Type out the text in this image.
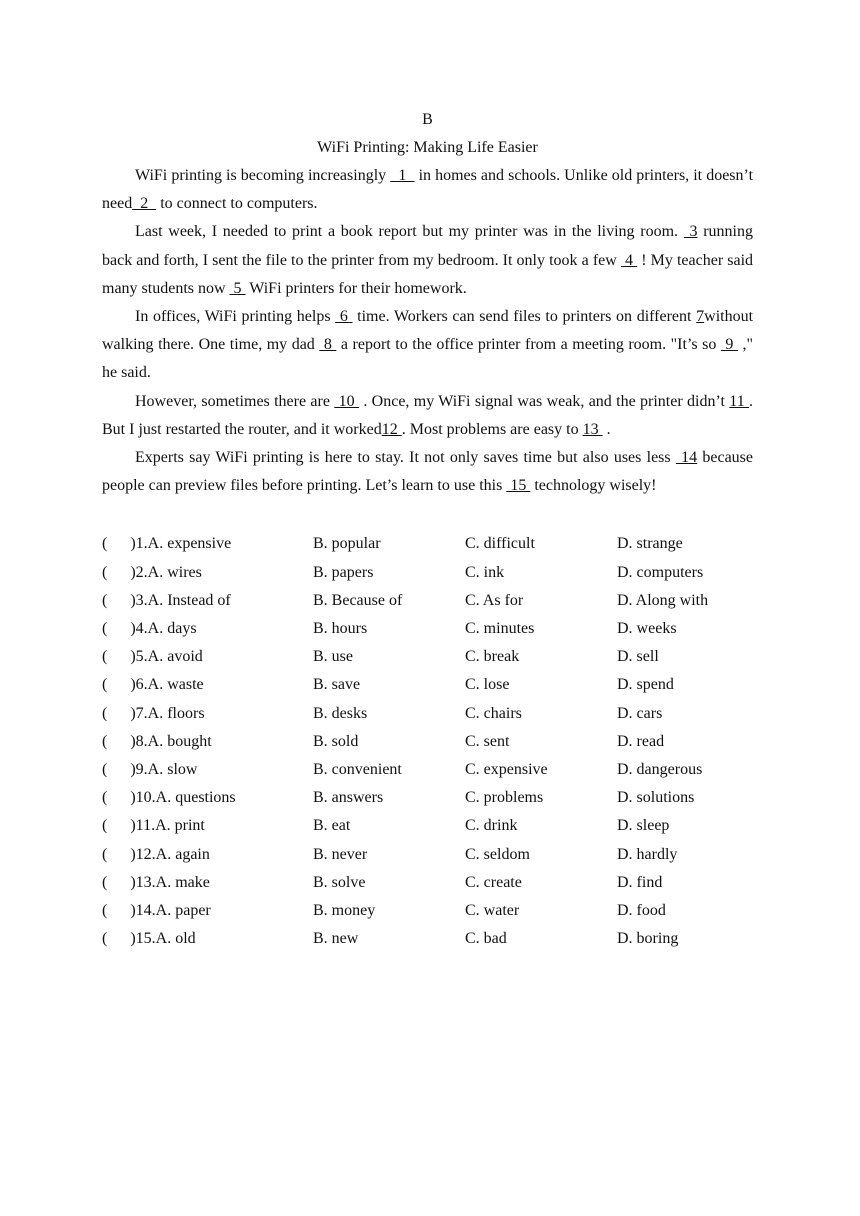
B
WiFi Printing: Making Life Easier

WiFi printing is becoming increasingly   1   in homes and schools. Unlike old printers, it doesn’t need  2   to connect to computers.

Last week, I needed to print a book report but my printer was in the living room.  3 running back and forth, I sent the file to the printer from my bedroom. It only took a few  4  ! My teacher said many students now  5  WiFi printers for their homework.

In offices, WiFi printing helps  6  time. Workers can send files to printers on different 7without walking there. One time, my dad  8  a report to the office printer from a meeting room. "It’s so  9  ," he said.

However, sometimes there are  10  . Once, my WiFi signal was weak, and the printer didn’t 11 . But I just restarted the router, and it worked12 . Most problems are easy to 13  .

Experts say WiFi printing is here to stay. It not only saves time but also uses less  14 because people can preview files before printing. Let’s learn to use this  15  technology wisely!

( )1.A. expensive	B. popular	C. difficult	D. strange
( )2.A. wires	B. papers	C. ink	D. computers
( )3.A. Instead of	B. Because of	C. As for	D. Along with
( )4.A. days	B. hours	C. minutes	D. weeks
( )5.A. avoid	B. use	C. break	D. sell
( )6.A. waste	B. save	C. lose	D. spend
( )7.A. floors	B. desks	C. chairs	D. cars
( )8.A. bought	B. sold	C. sent	D. read
( )9.A. slow	B. convenient	C. expensive	D. dangerous
( )10.A. questions	B. answers	C. problems	D. solutions
( )11.A. print	B. eat	C. drink	D. sleep
( )12.A. again	B. never	C. seldom	D. hardly
( )13.A. make	B. solve	C. create	D. find
( )14.A. paper	B. money	C. water	D. food
( )15.A. old	B. new	C. bad	D. boring
